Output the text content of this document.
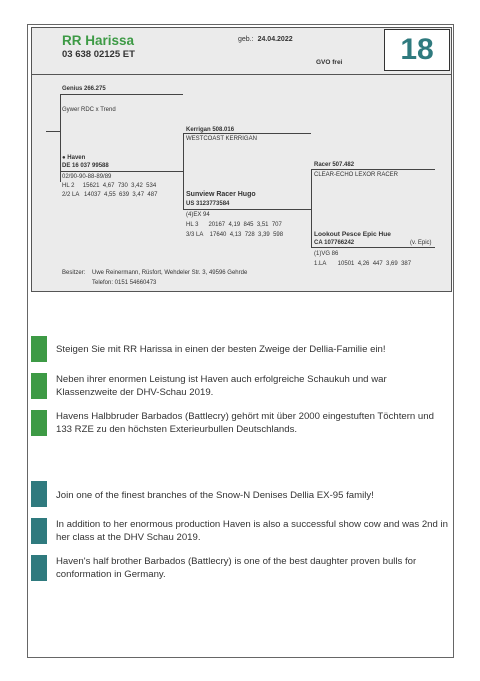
RR Harissa
03 638 02125 ET
geb.: 24.04.2022
GVO frei	18
Genius 266.275
Gywer RDC x Trend
● Haven
DE 16 037 99588
02/90-90-88-89/89
HL 2     15621  4,67  730  3,42  534
2/2 LA   14037  4,55  639  3,47  487
Kerrigan 508.016
WESTCOAST KERRIGAN
Sunview Racer Hugo
US 3123773584
(4)EX 94
HL 3      20167  4,19  845  3,51  707
3/3 LA    17640  4,13  728  3,39  598
Racer 507.482
CLEAR-ECHO LEXOR RACER
Lookout Pesce Epic Hue
CA 107766242	(v. Epic)
(1)VG 86
1.LA       10501  4,26  447  3,69  387
Besitzer: Uwe Reinermann, Rüsfort, Wehdeler Str. 3, 49596 Gehrde
Telefon: 0151 54660473
Steigen Sie mit RR Harissa in einen der besten Zweige der Dellia-Familie ein!
Neben ihrer enormen Leistung ist Haven auch erfolgreiche Schaukuh und war Klassenzweite der DHV-Schau 2019.
Havens Halbbruder Barbados (Battlecry) gehört mit über 2000 eingestuften Töchtern und 133 RZE zu den höchsten Exterieurbullen Deutschlands.
Join one of the finest branches of the Snow-N Denises Dellia EX-95 family!
In addition to her enormous production Haven is also a successful show cow and was 2nd in her class at the DHV Schau 2019.
Haven's half brother Barbados (Battlecry) is one of the best daughter proven bulls for conformation in Germany.
